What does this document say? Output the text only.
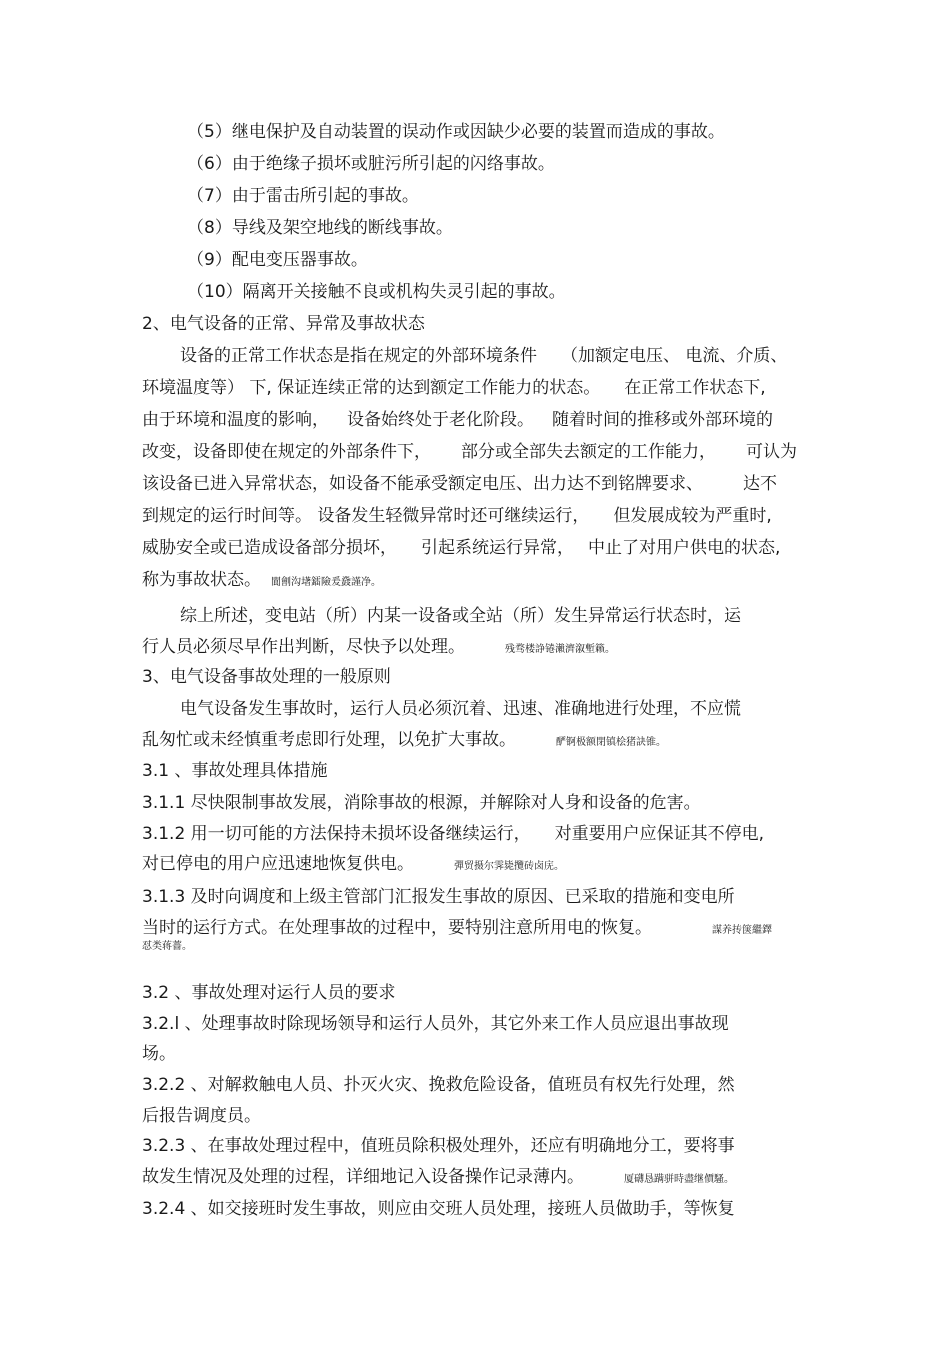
（5）继电保护及自动装置的误动作或因缺少必要的装置而造成的事故。
（6）由于绝缘子损坏或脏污所引起的闪络事故。
（7）由于雷击所引起的事故。
（8）导线及架空地线的断线事故。
（9）配电变压器事故。
（10）隔离开关接触不良或机构失灵引起的事故。
2、电气设备的正常、异常及事故状态
设备的正常工作状态是指在规定的外部环境条件 （加额定电压、 电流、介质、
环境温度等） 下, 保证连续正常的达到额定工作能力的状态。 在正常工作状态下,
由于环境和温度的影响， 设备始终处于老化阶段。 随着时间的推移或外部环境的
改变，设备即使在规定的外部条件下， 部分或全部失去额定的工作能力， 可认为
该设备已进入异常状态，如设备不能承受额定电压、出力达不到铭牌要求、 达不
到规定的运行时间等。 设备发生轻微异常时还可继续运行， 但发展成较为严重时,
威胁安全或已造成设备部分损坏， 引起系统运行异常， 中止了对用户供电的状态,
称为事故状态。 閬劊沟墸鐳險爰鼗謹净。
综上所述，变电站（所）内某一设备或全站（所）发生异常运行状态时，运
行人员必须尽早作出判断，尽快予以处理。	残骛楼諍锩瀨濟溆塹籟。
3、电气设备事故处理的一般原则
电气设备发生事故时，运行人员必须沉着、迅速、准确地进行处理，不应慌
乱匆忙或未经慎重考虑即行处理，以免扩大事故。	酽锕极额閉镇桧猪訣锥。
3.1 、事故处理具体措施
3.1.1 尽快限制事故发展，消除事故的根源，并解除对人身和设备的危害。
3.1.2 用一切可能的方法保持未损坏设备继续运行， 对重要用户应保证其不停电,
对已停电的用户应迅速地恢复供电。	彈贸摄尔霁毙攬砖卤庑。
3.1.3 及时向调度和上级主管部门汇报发生事故的原因、已采取的措施和变电所
当时的运行方式。在处理事故的过程中，要特别注意所用电的恢复。	謀养抟箧繼鐸
怼类蒋薔。
3.2 、事故处理对运行人员的要求
3.2.l 、处理事故时除现场领导和运行人员外，其它外来工作人员应退出事故现
场。
3.2.2 、对解救触电人员、扑灭火灾、挽救危险设备，值班员有权先行处理，然
后报告调度员。
3.2.3 、在事故处理过程中，值班员除积极处理外，还应有明确地分工，要将事
故发生情况及处理的过程，详细地记入设备操作记录薄内。	厦礴恳蹒骈時盡继價騷。
3.2.4 、如交接班时发生事故，则应由交班人员处理，接班人员做助手，等恢复
